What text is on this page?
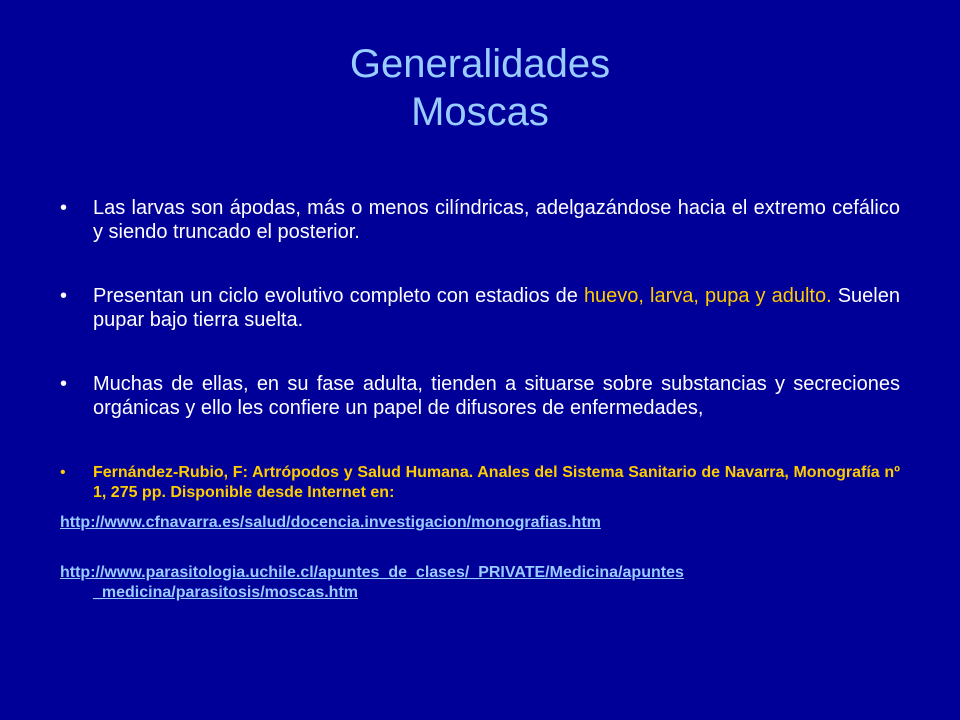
Generalidades
Moscas
• Las larvas son ápodas, más o menos cilíndricas, adelgazándose hacia el extremo cefálico y siendo truncado el posterior.
• Presentan un ciclo evolutivo completo con estadios de huevo, larva, pupa y adulto. Suelen pupar bajo tierra suelta.
• Muchas de ellas, en su fase adulta, tienden a situarse sobre substancias y secreciones orgánicas y ello les confiere un papel de difusores de enfermedades,
• Fernández-Rubio, F: Artrópodos y Salud Humana. Anales del Sistema Sanitario de Navarra, Monografía nº 1, 275 pp. Disponible desde Internet en:
http://www.cfnavarra.es/salud/docencia.investigacion/monografias.htm
http://www.parasitologia.uchile.cl/apuntes_de_clases/_PRIVATE/Medicina/apuntes
_medicina/parasitosis/moscas.htm
